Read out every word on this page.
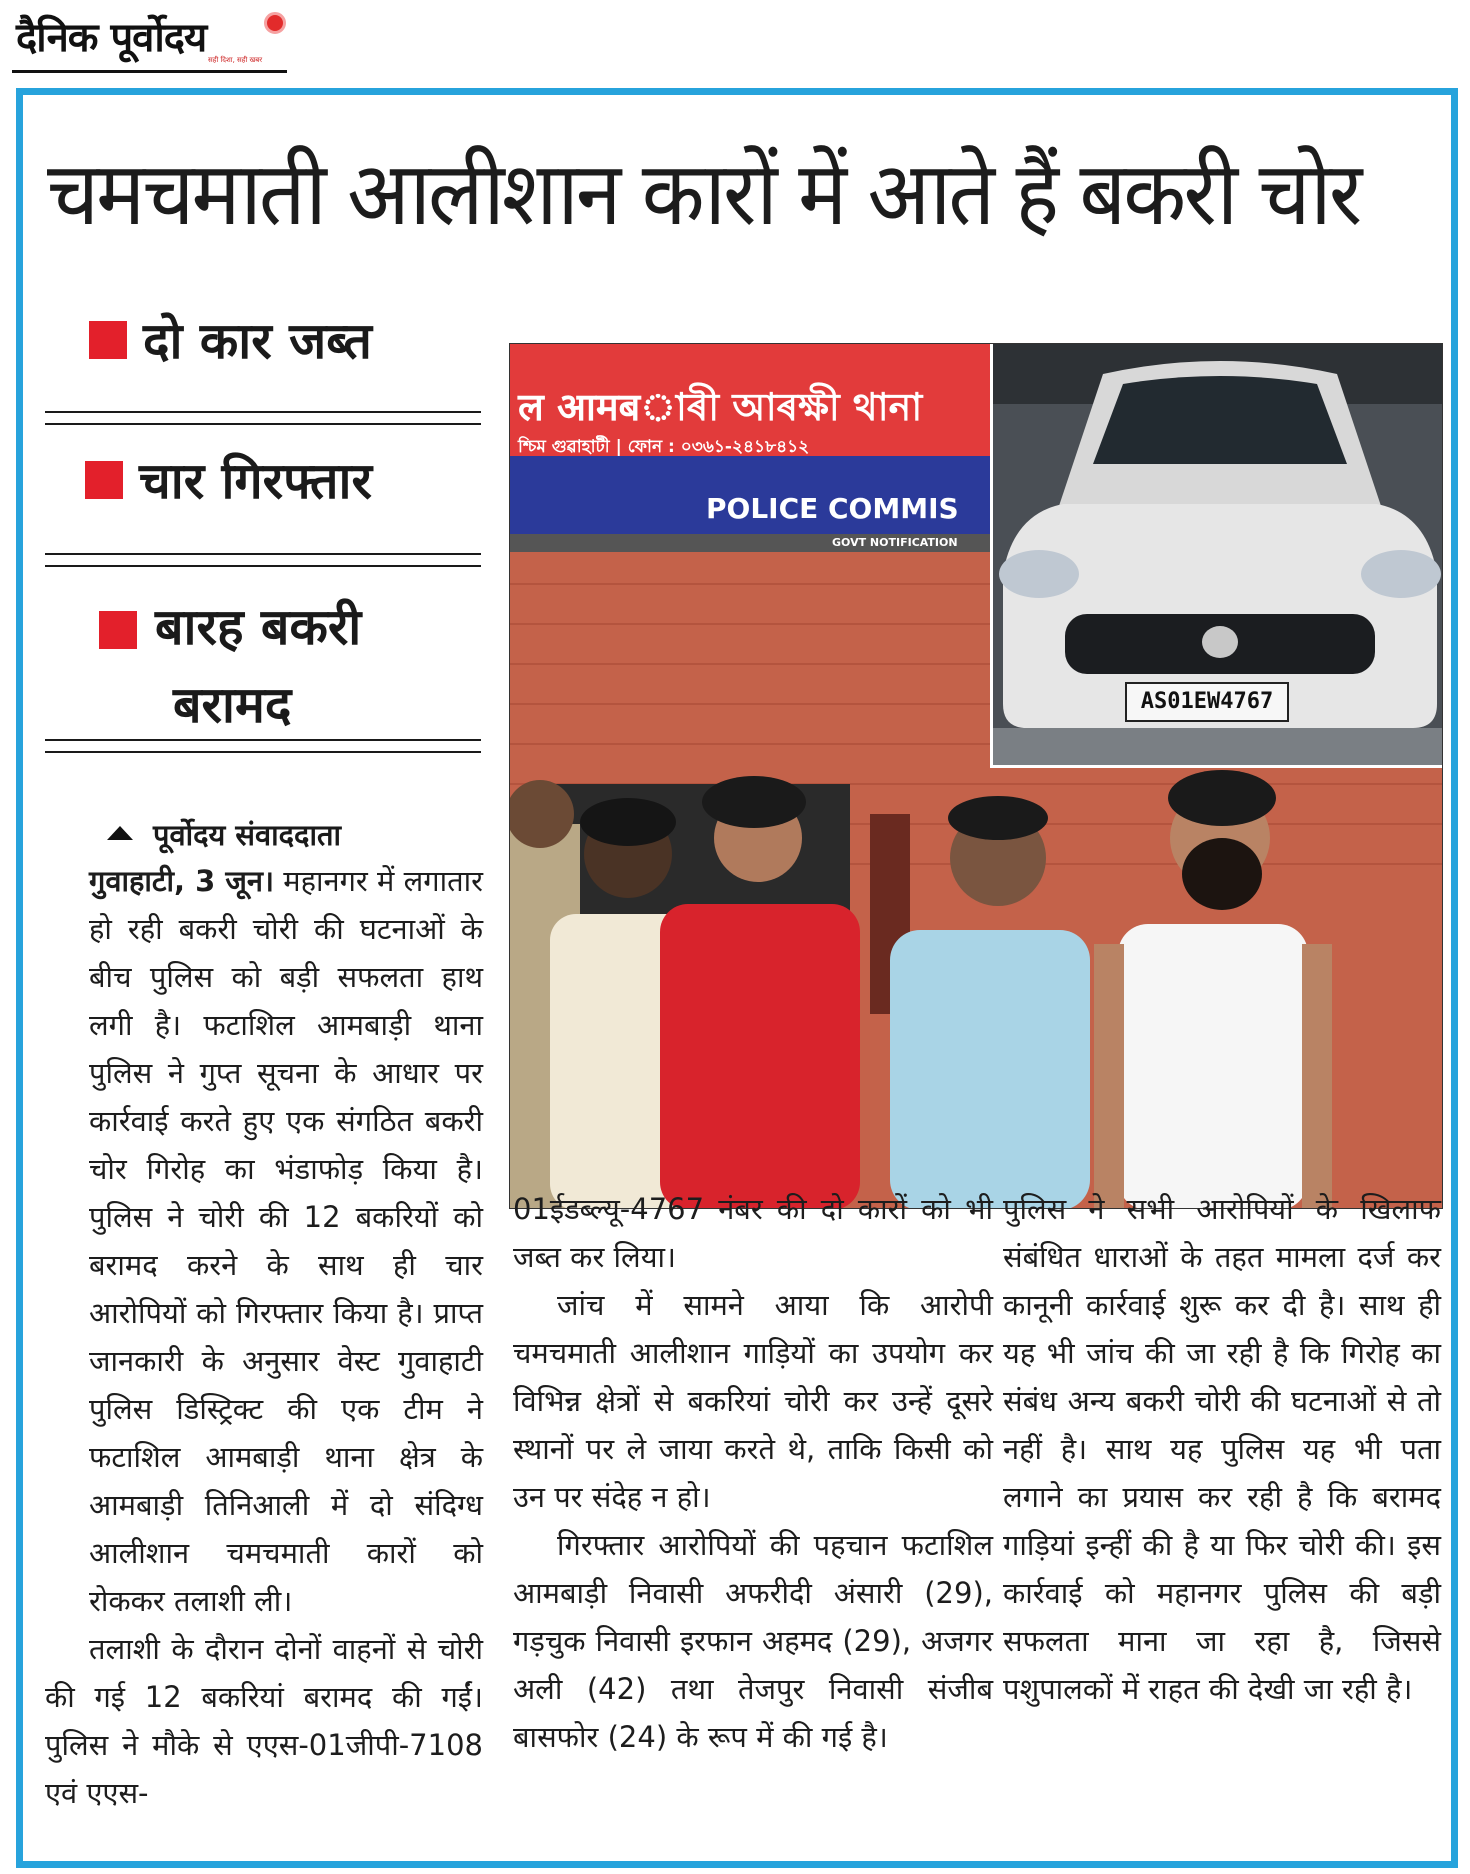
दैनिक पूर्वोदय सही दिशा, सही खबर
चमचमाती आलीशान कारों में आते हैं बकरी चोर
दो कार जब्त
चार गिरफ्तार
बारह बकरी
बरामद
पूर्वोदय संवाददाता

गुवाहाटी, 3 जून। महानगर में लगातार हो रही बकरी चोरी की घटनाओं के बीच पुलिस को बड़ी सफलता हाथ लगी है। फटाशिल आमबाड़ी थाना पुलिस ने गुप्त सूचना के आधार पर कार्रवाई करते हुए एक संगठित बकरी चोर गिरोह का भंडाफोड़ किया है। पुलिस ने चोरी की 12 बकरियों को बरामद करने के साथ ही चार आरोपियों को गिरफ्तार किया है। प्राप्त जानकारी के अनुसार वेस्ट गुवाहाटी पुलिस डिस्ट्रिक्ट की एक टीम ने फटाशिल आमबाड़ी थाना क्षेत्र के आमबाड़ी तिनिआली में दो संदिग्ध आलीशान चमचमाती कारों को रोककर तलाशी ली।

तलाशी के दौरान दोनों वाहनों से चोरी की गई 12 बकरियां बरामद की गईं। पुलिस ने मौके से एएस-01जीपी-7108 एवं एएस-

ल आमबাৰী আৰক্ষী থানা
শ্চিম গুৱাহাটী | ফোন : ০৩৬১-২৪১৮৪১২
POLICE COMMIS
GOVT NOTIFICATION
AS01EW4767

01ईडब्ल्यू-4767 नंबर की दो कारों को भी जब्त कर लिया।

जांच में सामने आया कि आरोपी चमचमाती आलीशान गाड़ियों का उपयोग कर विभिन्न क्षेत्रों से बकरियां चोरी कर उन्हें दूसरे स्थानों पर ले जाया करते थे, ताकि किसी को उन पर संदेह न हो।

गिरफ्तार आरोपियों की पहचान फटाशिल आमबाड़ी निवासी अफरीदी अंसारी (29), गड़चुक निवासी इरफान अहमद (29), अजगर अली (42) तथा तेजपुर निवासी संजीब बासफोर (24) के रूप में की गई है।

पुलिस ने सभी आरोपियों के खिलाफ संबंधित धाराओं के तहत मामला दर्ज कर कानूनी कार्रवाई शुरू कर दी है। साथ ही यह भी जांच की जा रही है कि गिरोह का संबंध अन्य बकरी चोरी की घटनाओं से तो नहीं है। साथ यह पुलिस यह भी पता लगाने का प्रयास कर रही है कि बरामद गाड़ियां इन्हीं की है या फिर चोरी की। इस कार्रवाई को महानगर पुलिस की बड़ी सफलता माना जा रहा है, जिससे पशुपालकों में राहत की देखी जा रही है।
